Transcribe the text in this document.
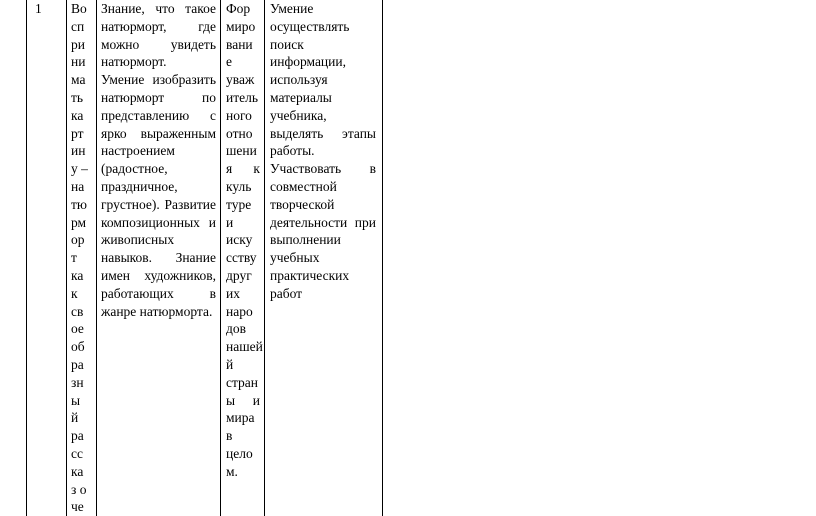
1	Во
сп
ри
ни
ма
ть
ка
рт
ин
у –
на
тю
рм
ор
т
ка
к
св
ое
об
ра
зн
ы
й
ра
сс
ка
з о
че
Знание, что такое
натюрморт, где
можно увидеть
натюрморт.
Умение изобразить
натюрморт по
представлению с
ярко выраженным
настроением
(радостное,
праздничное,
грустное). Развитие
композиционных и
живописных
навыков. Знание
имен художников,
работающих в
жанре натюрморта.
Фор
миро
вани
е
уваж
итель
ного
отно
шени
я к
куль
туре
и
иску
сству
друг
их
наро
дов
нашей
й
стран
ы и
мира
в
цело
м.
Умение
осуществлять
поиск
информации,
используя
материалы
учебника,
выделять этапы
работы.
Участвовать в
совместной
творческой
деятельности при
выполнении
учебных
практических
работ
